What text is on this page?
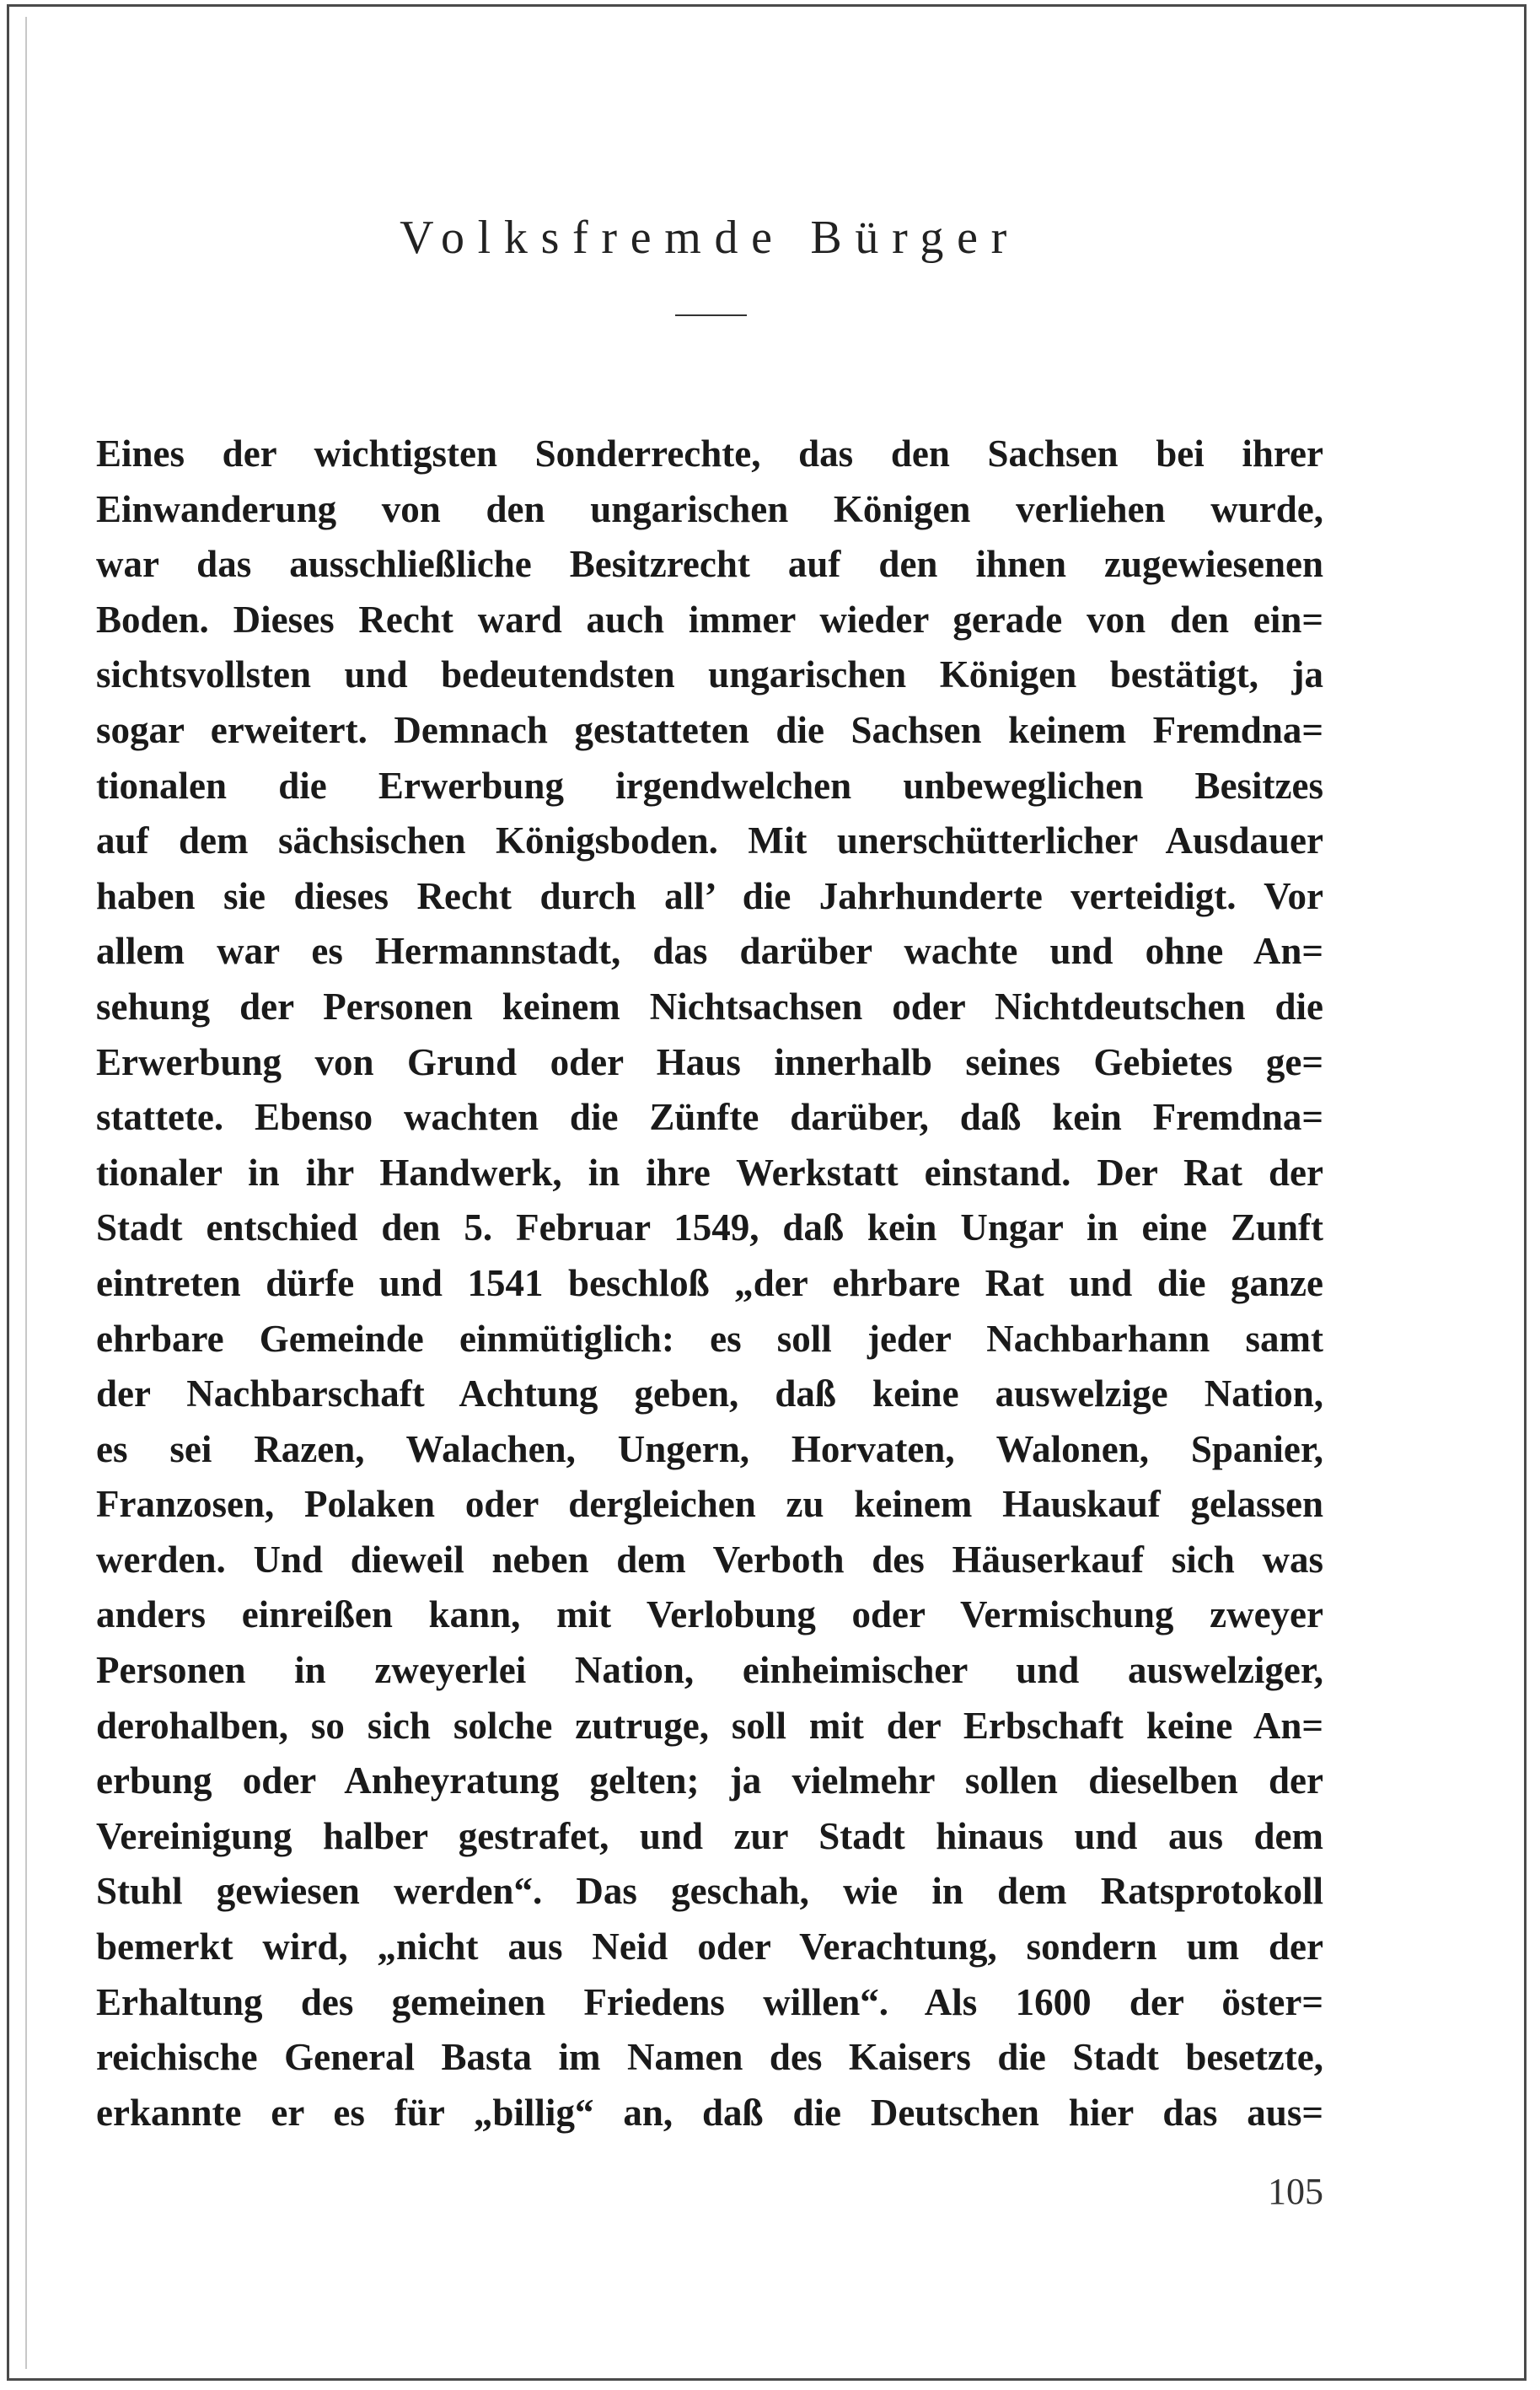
Volksfremde Bürger
Eines der wichtigsten Sonderrechte, das den Sachsen bei ihrer
Einwanderung von den ungarischen Königen verliehen wurde,
war das ausschließliche Besitzrecht auf den ihnen zugewiesenen
Boden. Dieses Recht ward auch immer wieder gerade von den ein=
sichtsvollsten und bedeutendsten ungarischen Königen bestätigt, ja
sogar erweitert. Demnach gestatteten die Sachsen keinem Fremdna=
tionalen die Erwerbung irgendwelchen unbeweglichen Besitzes
auf dem sächsischen Königsboden. Mit unerschütterlicher Ausdauer
haben sie dieses Recht durch all’ die Jahrhunderte verteidigt. Vor
allem war es Hermannstadt, das darüber wachte und ohne An=
sehung der Personen keinem Nichtsachsen oder Nichtdeutschen die
Erwerbung von Grund oder Haus innerhalb seines Gebietes ge=
stattete. Ebenso wachten die Zünfte darüber, daß kein Fremdna=
tionaler in ihr Handwerk, in ihre Werkstatt einstand. Der Rat der
Stadt entschied den 5. Februar 1549, daß kein Ungar in eine Zunft
eintreten dürfe und 1541 beschloß „der ehrbare Rat und die ganze
ehrbare Gemeinde einmütiglich: es soll jeder Nachbarhann samt
der Nachbarschaft Achtung geben, daß keine auswelzige Nation,
es sei Razen, Walachen, Ungern, Horvaten, Walonen, Spanier,
Franzosen, Polaken oder dergleichen zu keinem Hauskauf gelassen
werden. Und dieweil neben dem Verboth des Häuserkauf sich was
anders einreißen kann, mit Verlobung oder Vermischung zweyer
Personen in zweyerlei Nation, einheimischer und auswelziger,
derohalben, so sich solche zutruge, soll mit der Erbschaft keine An=
erbung oder Anheyratung gelten; ja vielmehr sollen dieselben der
Vereinigung halber gestrafet, und zur Stadt hinaus und aus dem
Stuhl gewiesen werden“. Das geschah, wie in dem Ratsprotokoll
bemerkt wird, „nicht aus Neid oder Verachtung, sondern um der
Erhaltung des gemeinen Friedens willen“. Als 1600 der öster=
reichische General Basta im Namen des Kaisers die Stadt besetzte,
erkannte er es für „billig“ an, daß die Deutschen hier das aus=
105
